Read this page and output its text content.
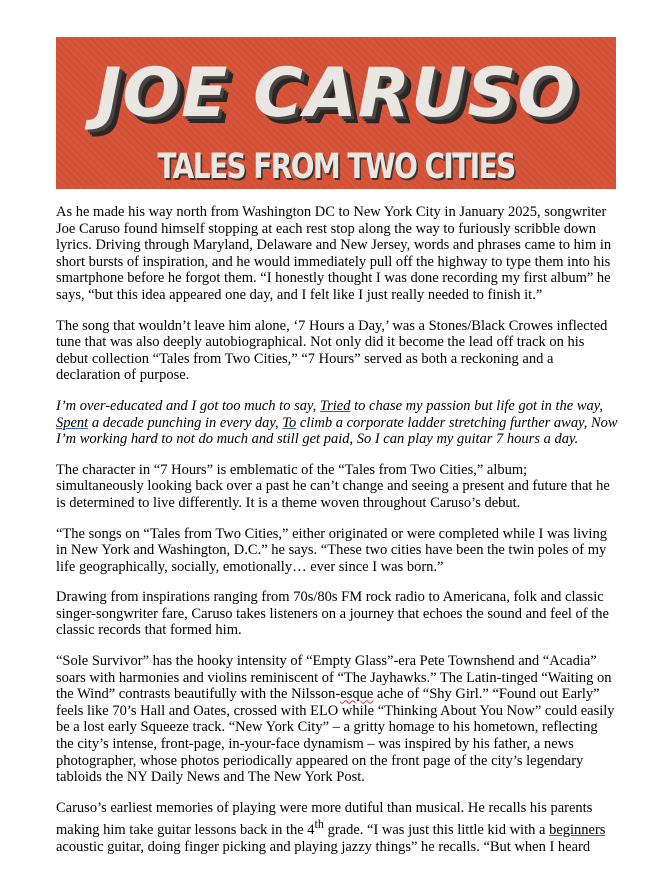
JOE CARUSO
TALES FROM TWO CITIES

As he made his way north from Washington DC to New York City in January 2025, songwriter Joe Caruso found himself stopping at each rest stop along the way to furiously scribble down lyrics. Driving through Maryland, Delaware and New Jersey, words and phrases came to him in short bursts of inspiration, and he would immediately pull off the highway to type them into his smartphone before he forgot them. “I honestly thought I was done recording my first album” he says, “but this idea appeared one day, and I felt like I just really needed to finish it.”

The song that wouldn’t leave him alone, ‘7 Hours a Day,’ was a Stones/Black Crowes inflected tune that was also deeply autobiographical. Not only did it become the lead off track on his debut collection “Tales from Two Cities,” “7 Hours” served as both a reckoning and a declaration of purpose.

I’m over-educated and I got too much to say, Tried to chase my passion but life got in the way, Spent a decade punching in every day, To climb a corporate ladder stretching further away, Now I’m working hard to not do much and still get paid, So I can play my guitar 7 hours a day.

The character in “7 Hours” is emblematic of the “Tales from Two Cities,” album; simultaneously looking back over a past he can’t change and seeing a present and future that he is determined to live differently. It is a theme woven throughout Caruso’s debut.

“The songs on “Tales from Two Cities,” either originated or were completed while I was living in New York and Washington, D.C.” he says. “These two cities have been the twin poles of my life geographically, socially, emotionally… ever since I was born.”

Drawing from inspirations ranging from 70s/80s FM rock radio to Americana, folk and classic singer-songwriter fare, Caruso takes listeners on a journey that echoes the sound and feel of the classic records that formed him.

“Sole Survivor” has the hooky intensity of “Empty Glass”-era Pete Townshend and “Acadia” soars with harmonies and violins reminiscent of “The Jayhawks.” The Latin-tinged “Waiting on the Wind” contrasts beautifully with the Nilsson-esque ache of “Shy Girl.” “Found out Early” feels like 70’s Hall and Oates, crossed with ELO while “Thinking About You Now” could easily be a lost early Squeeze track. “New York City” – a gritty homage to his hometown, reflecting the city’s intense, front-page, in-your-face dynamism – was inspired by his father, a news photographer, whose photos periodically appeared on the front page of the city’s legendary tabloids the NY Daily News and The New York Post.

Caruso’s earliest memories of playing were more dutiful than musical. He recalls his parents making him take guitar lessons back in the 4th grade. “I was just this little kid with a beginners acoustic guitar, doing finger picking and playing jazzy things” he recalls. “But when I heard
